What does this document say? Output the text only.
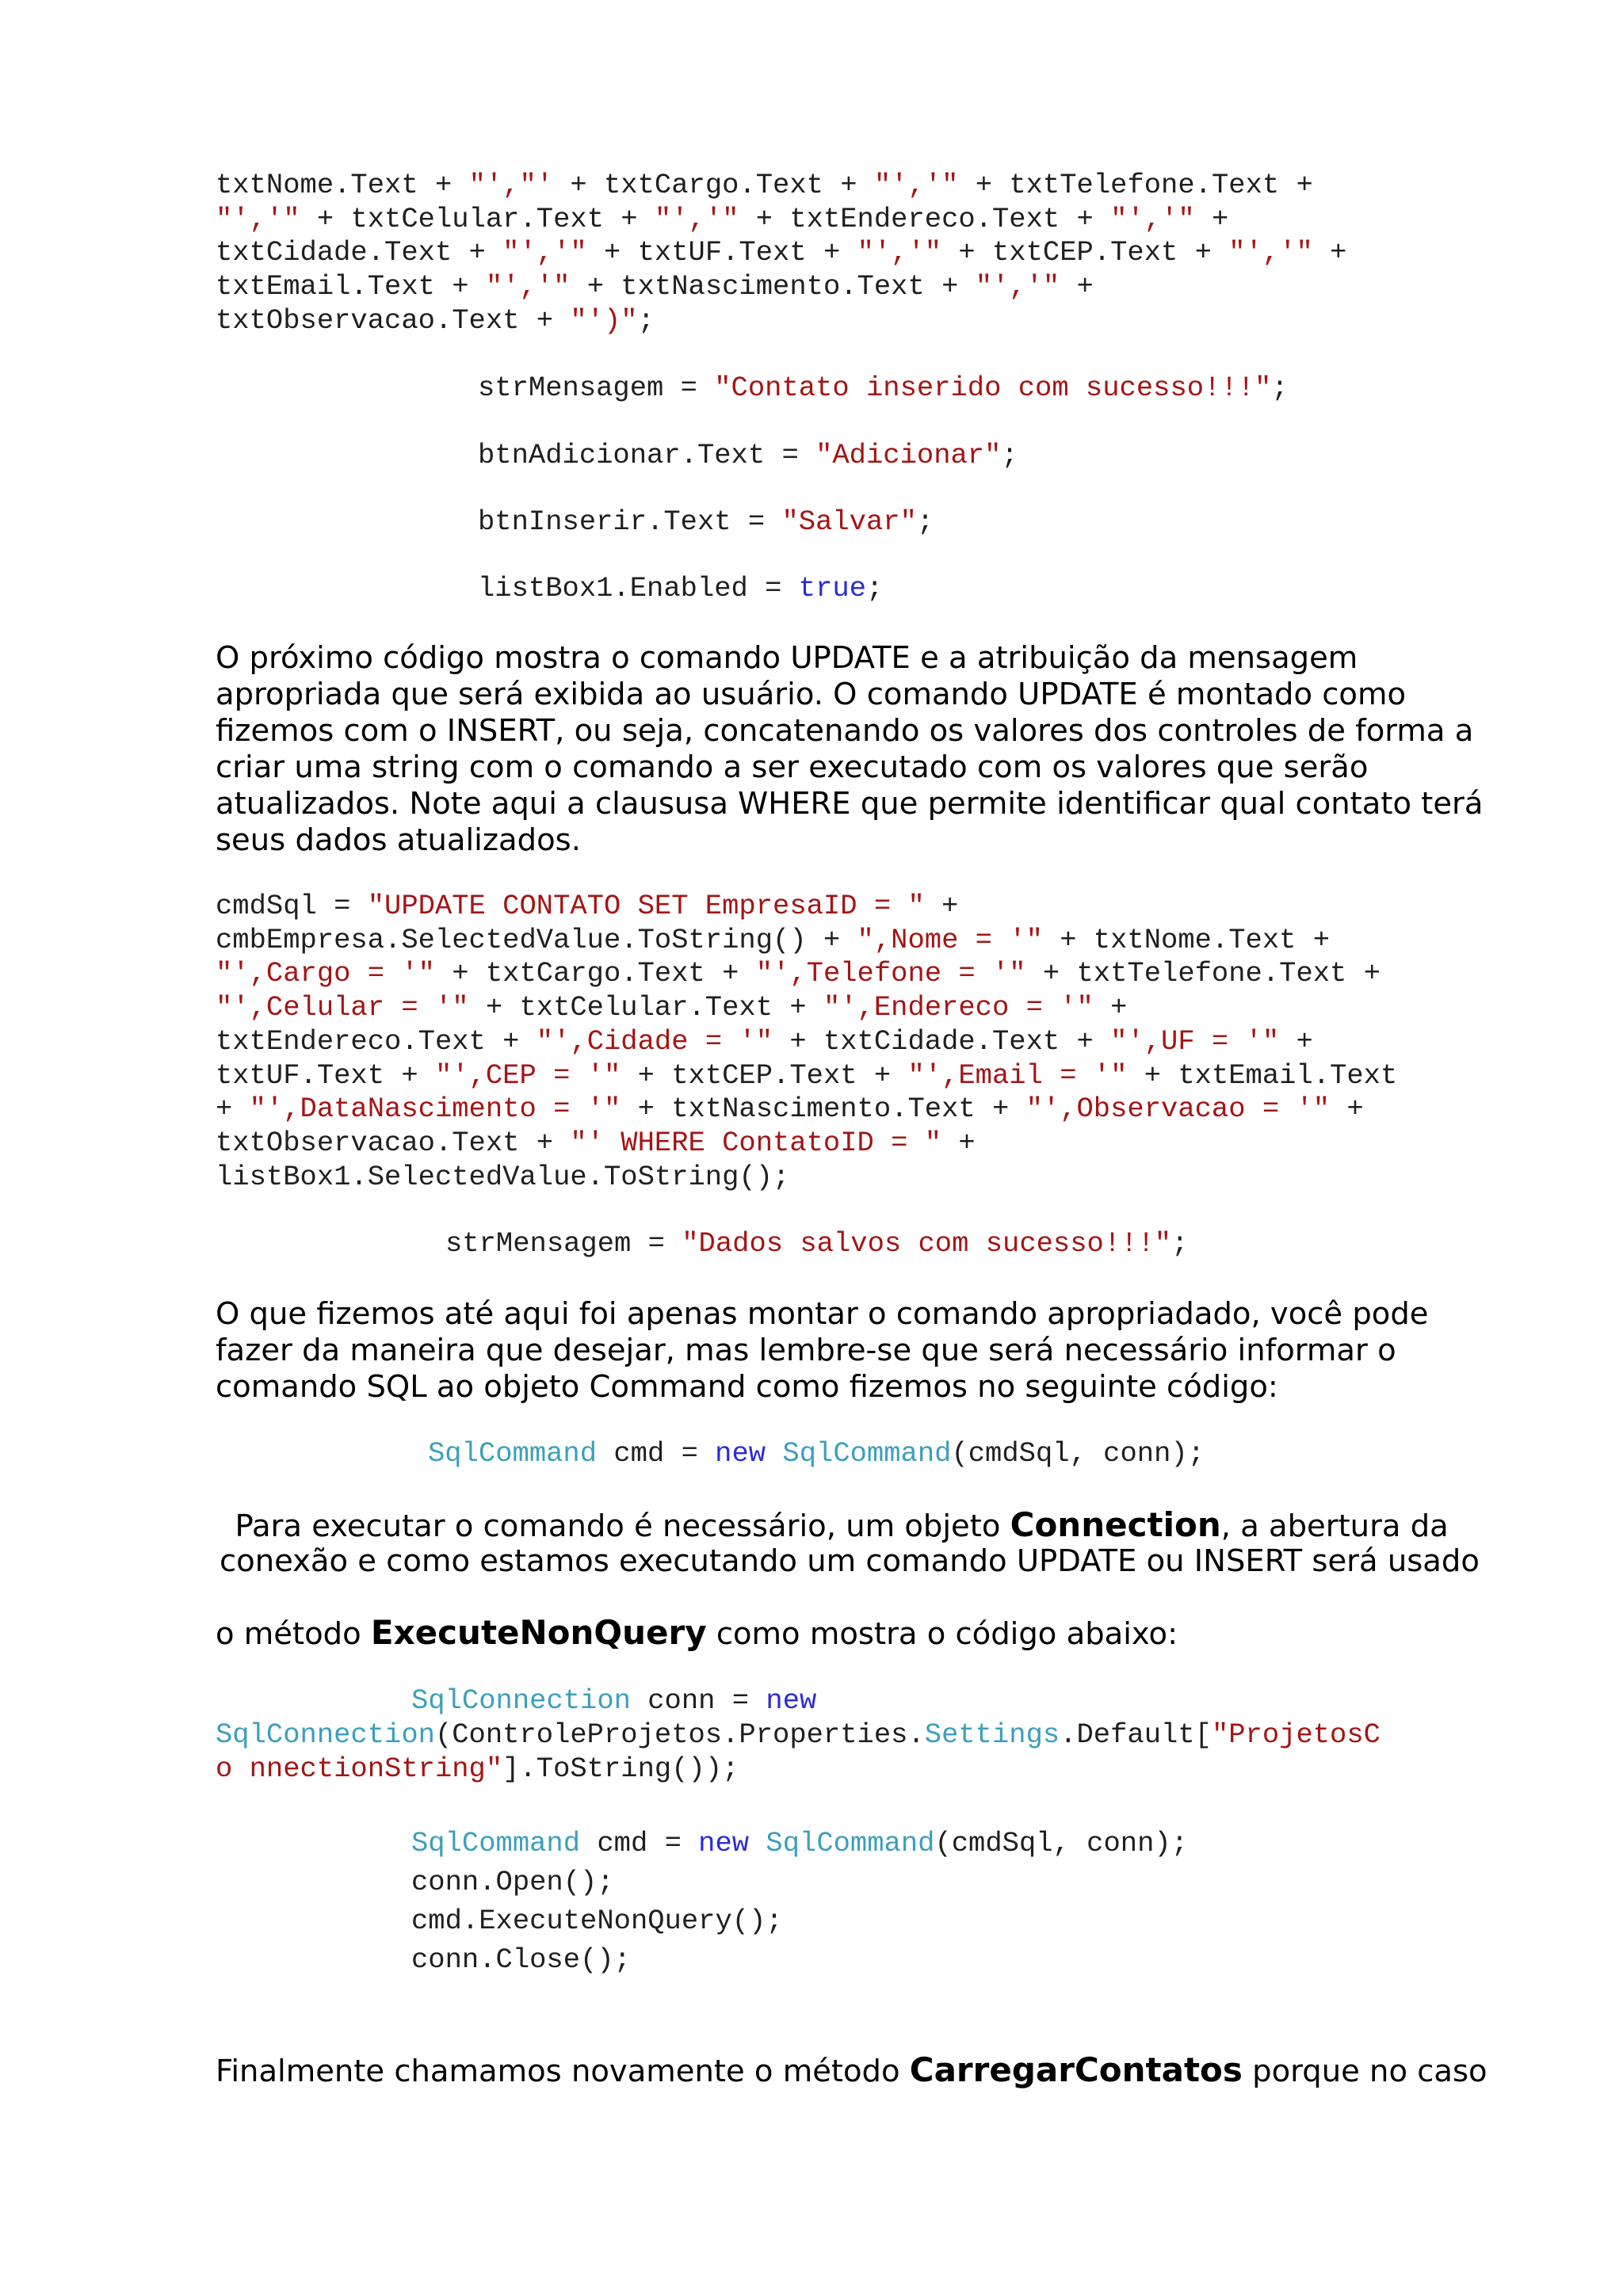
txtNome.Text + "',"' + txtCargo.Text + "','" + txtTelefone.Text +
"','" + txtCelular.Text + "','" + txtEndereco.Text + "','" +
txtCidade.Text + "','" + txtUF.Text + "','" + txtCEP.Text + "','" +
txtEmail.Text + "','" + txtNascimento.Text + "','" +
txtObservacao.Text + "')";
strMensagem = "Contato inserido com sucesso!!!";
btnAdicionar.Text = "Adicionar";
btnInserir.Text = "Salvar";
listBox1.Enabled = true;
O próximo código mostra o comando UPDATE e a atribuição da mensagem
apropriada que será exibida ao usuário. O comando UPDATE é montado como
fizemos com o INSERT, ou seja, concatenando os valores dos controles de forma a
criar uma string com o comando a ser executado com os valores que serão
atualizados. Note aqui a claususa WHERE que permite identificar qual contato terá
seus dados atualizados.
cmdSql = "UPDATE CONTATO SET EmpresaID = " +
cmbEmpresa.SelectedValue.ToString() + ",Nome = '" + txtNome.Text +
"',Cargo = '" + txtCargo.Text + "',Telefone = '" + txtTelefone.Text +
"',Celular = '" + txtCelular.Text + "',Endereco = '" +
txtEndereco.Text + "',Cidade = '" + txtCidade.Text + "',UF = '" +
txtUF.Text + "',CEP = '" + txtCEP.Text + "',Email = '" + txtEmail.Text
+ "',DataNascimento = '" + txtNascimento.Text + "',Observacao = '" +
txtObservacao.Text + "' WHERE ContatoID = " +
listBox1.SelectedValue.ToString();
strMensagem = "Dados salvos com sucesso!!!";
O que fizemos até aqui foi apenas montar o comando apropriadado, você pode
fazer da maneira que desejar, mas lembre-se que será necessário informar o
comando SQL ao objeto Command como fizemos no seguinte código:
SqlCommand cmd = new SqlCommand(cmdSql, conn);
Para executar o comando é necessário, um objeto Connection, a abertura da
conexão e como estamos executando um comando UPDATE ou INSERT será usado
o método ExecuteNonQuery como mostra o código abaixo:
SqlConnection conn = new
SqlConnection(ControleProjetos.Properties.Settings.Default["ProjetosC
o nnectionString"].ToString());
SqlCommand cmd = new SqlCommand(cmdSql, conn);
conn.Open();
cmd.ExecuteNonQuery();
conn.Close();
Finalmente chamamos novamente o método CarregarContatos porque no caso
